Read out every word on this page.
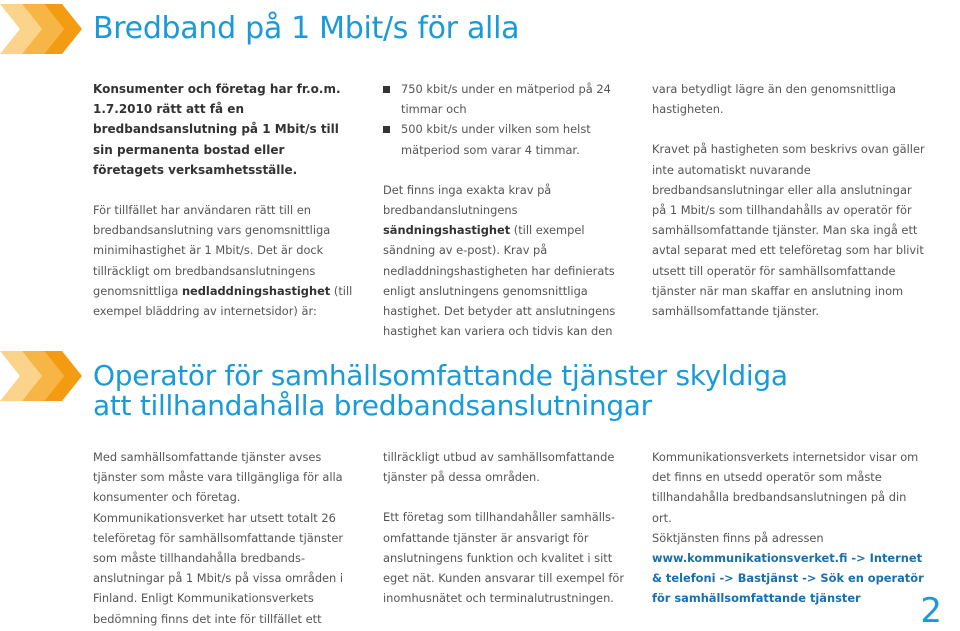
Bredband på 1 Mbit/s för alla

Konsumenter och företag har fr.o.m. 1.7.2010 rätt att få en bredbandsanslutning på 1 Mbit/s till sin permanenta bostad eller företagets verksamhetsställe.

För tillfället har användaren rätt till en bredbandsanslutning vars genomsnittliga minimihastighet är 1 Mbit/s. Det är dock tillräckligt om bredbandsanslutningens genomsnittliga nedladdningshastighet (till exempel bläddring av internetsidor) är:

750 kbit/s under en mätperiod på 24 timmar och
500 kbit/s under vilken som helst mätperiod som varar 4 timmar.

Det finns inga exakta krav på bredbandanslutningens sändningshastighet (till exempel sändning av e-post). Krav på nedladdningshastigheten har definierats enligt anslutningens genomsnittliga hastighet. Det betyder att anslutningens hastighet kan variera och tidvis kan den

vara betydligt lägre än den genomsnittliga hastigheten.

Kravet på hastigheten som beskrivs ovan gäller inte automatiskt nuvarande bredbandsanslutningar eller alla anslutningar på 1 Mbit/s som tillhandahålls av operatör för samhällsomfattande tjänster. Man ska ingå ett avtal separat med ett teleföretag som har blivit utsett till operatör för samhällsomfattande tjänster när man skaffar en anslutning inom samhällsomfattande tjänster.

Operatör för samhällsomfattande tjänster skyldiga
att tillhandahålla bredbandsanslutningar

Med samhällsomfattande tjänster avses tjänster som måste vara tillgängliga för alla konsumenter och företag. Kommunikationsverket har utsett totalt 26 teleföretag för samhällsomfattande tjänster som måste tillhandahålla bredbands-anslutningar på 1 Mbit/s på vissa områden i Finland. Enligt Kommunikationsverkets bedömning finns det inte för tillfället ett

tillräckligt utbud av samhällsomfattande tjänster på dessa områden.

Ett företag som tillhandahåller samhälls-omfattande tjänster är ansvarigt för anslutningens funktion och kvalitet i sitt eget nät. Kunden ansvarar till exempel för inomhusnätet och terminalutrustningen.

Kommunikationsverkets internetsidor visar om det finns en utsedd operatör som måste tillhandahålla bredbandsanslutningen på din ort.

Söktjänsten finns på adressen

www.kommunikationsverket.fi -> Internet & telefoni -> Bastjänst -> Sök en operatör för samhällsomfattande tjänster	2
